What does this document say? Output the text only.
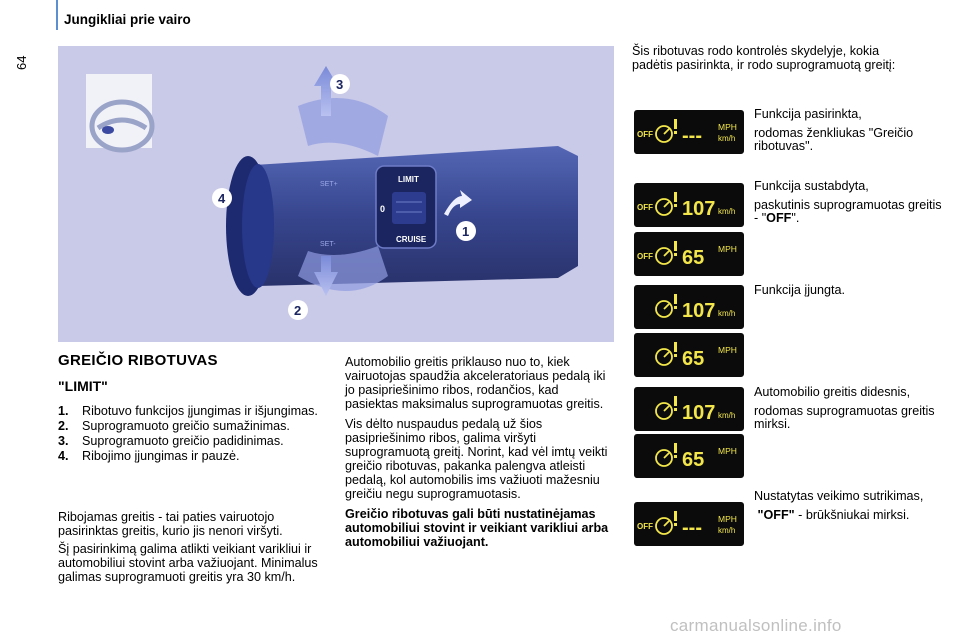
64
Jungikliai prie vairo
LIMIT
0
CRUISE
SET+
SET-
1
2
3
4
GREIČIO RIBOTUVAS
"LIMIT"
1. Ribotuvo funkcijos įjungimas ir išjungimas.
2. Suprogramuoto greičio sumažinimas.
3. Suprogramuoto greičio padidinimas.
4. Ribojimo įjungimas ir pauzė.

Ribojamas greitis - tai paties vairuotojo pasirinktas greitis, kurio jis nenori viršyti.

Šį pasirinkimą galima atlikti veikiant varikliui ir automobiliui stovint arba važiuojant. Minimalus galimas suprogramuoti greitis yra 30 km/h.

Automobilio greitis priklauso nuo to, kiek vairuotojas spaudžia akceleratoriaus pedalą iki jo pasipriešinimo ribos, rodančios, kad pasiektas maksimalus suprogramuotas greitis.

Vis dėlto nuspaudus pedalą už šios pasipriešinimo ribos, galima viršyti suprogramuotą greitį. Norint, kad vėl imtų veikti greičio ribotuvas, pakanka palengva atleisti pedalą, kol automobilis ims važiuoti mažesniu greičiu negu suprogramuotasis.

Greičio ribotuvas gali būti nustatinėjamas automobiliui stovint ir veikiant varikliui arba automobiliui važiuojant.

Šis ribotuvas rodo kontrolės skydelyje, kokia padėtis pasirinkta, ir rodo suprogramuotą greitį:
OFF --- MPH
km/h
OFF 107 km/h
OFF 65 MPH
107 km/h
65 MPH
107 km/h
65 MPH
OFF --- MPH
km/h

Funkcija pasirinkta,

rodomas ženkliukas "Greičio ribotuvas".

Funkcija sustabdyta,

paskutinis suprogramuotas greitis - "OFF".

Funkcija įjungta.

Automobilio greitis didesnis,

rodomas suprogramuotas greitis mirksi.

Nustatytas veikimo sutrikimas,

"OFF" - brūkšniukai mirksi.

carmanualsonline.info
